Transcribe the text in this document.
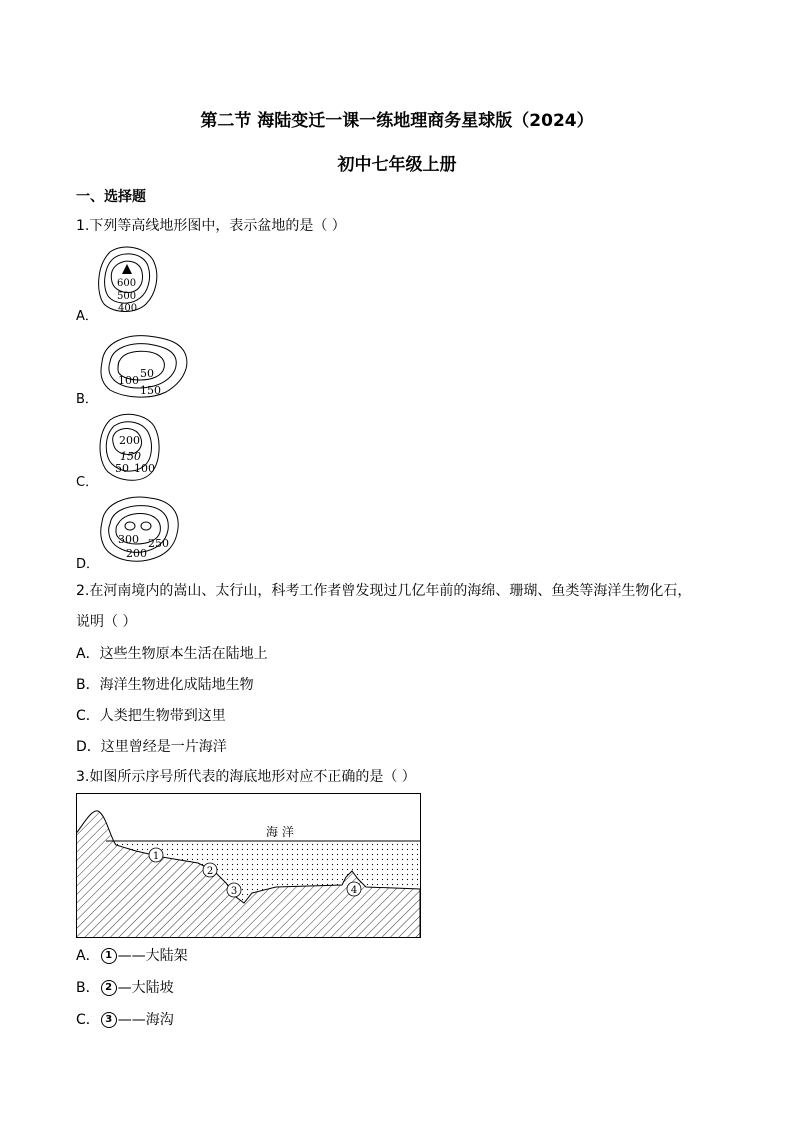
第二节 海陆变迁一课一练地理商务星球版（2024）
初中七年级上册
一、选择题
1.下列等高线地形图中，表示盆地的是（ ）
A．
600
500
400
B．
50
100
150
C．
200
150
50 100
D．
300 250
200
2.在河南境内的嵩山、太行山，科考工作者曾发现过几亿年前的海绵、珊瑚、鱼类等海洋生物化石，
说明（ ）
A．这些生物原本生活在陆地上
B．海洋生物进化成陆地生物
C．人类把生物带到这里
D．这里曾经是一片海洋
3.如图所示序号所代表的海底地形对应不正确的是（ ）
海 洋
1
2
3	4
A． 1 ——大陆架
B． 2 —大陆坡
C． 3 ——海沟
